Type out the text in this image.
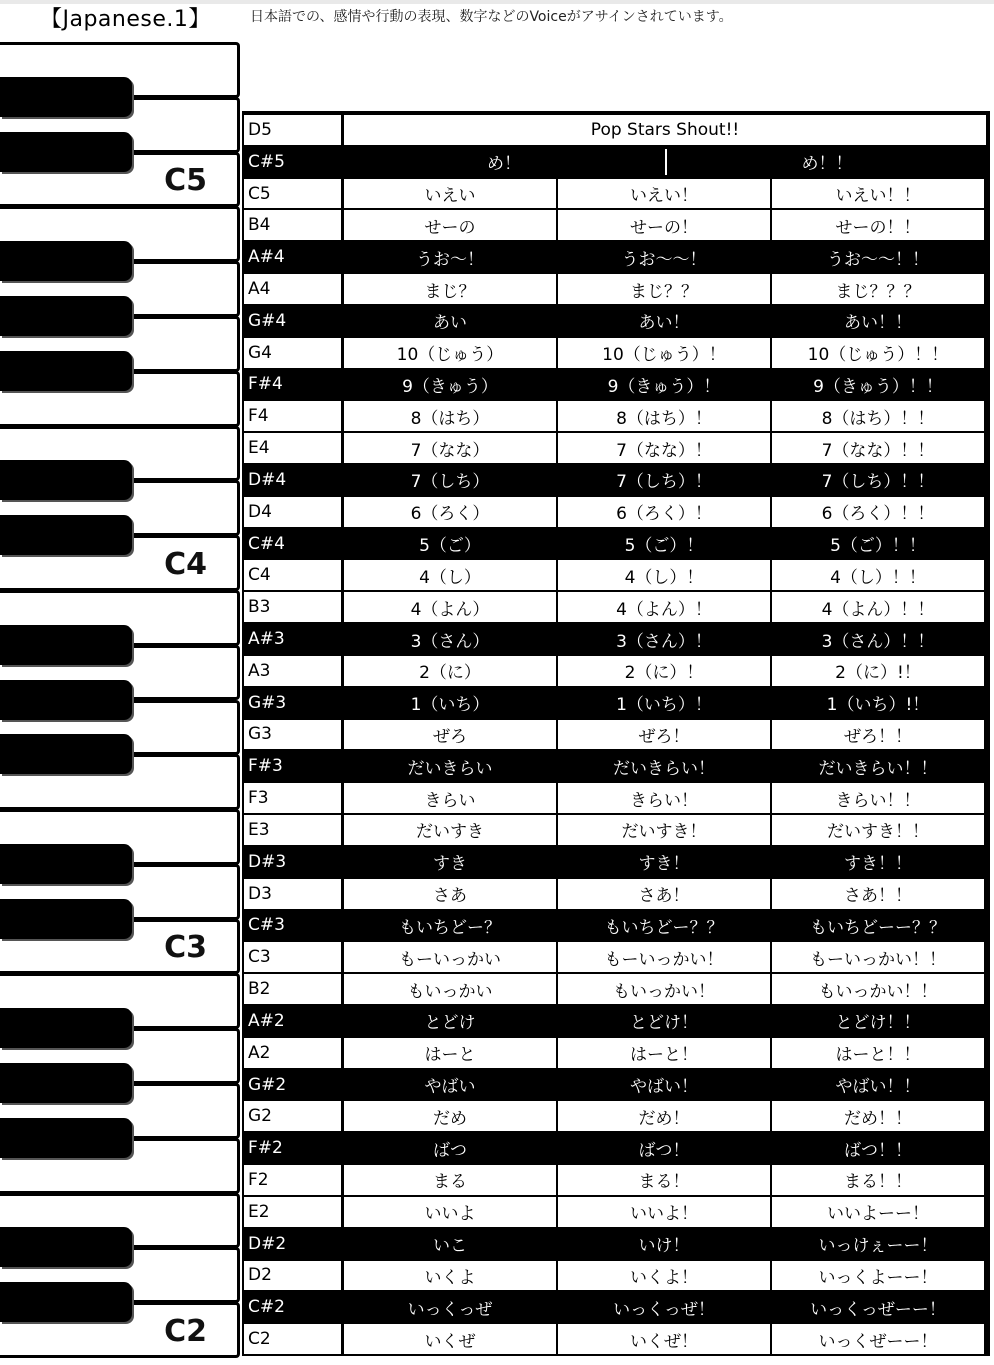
【Japanese.1】	日本語での、感情や行動の表現、数字などのVoiceがアサインされています。
C5
C4
C3
C2
D5	Pop Stars Shout!!
C#5	め！	め！！
C5	いえい	いえい！	いえい！！
B4	せーの	せーの！	せーの！！
A#4	うお〜！	うお〜〜！	うお〜〜！！
A4	まじ？	まじ？？	まじ？？？
G#4	あい	あい！	あい！！
G4	10（じゅう）	10（じゅう）！	10（じゅう）！！
F#4	9（きゅう）	9（きゅう）！	9（きゅう）！！
F4	8（はち）	8（はち）！	8（はち）！！
E4	7（なな）	7（なな）！	7（なな）！！
D#4	7（しち）	7（しち）！	7（しち）！！
D4	6（ろく）	6（ろく）！	6（ろく）！！
C#4	5（ご）	5（ご）！	5（ご）！！
C4	4（し）	4（し）！	4（し）！！
B3	4（よん）	4（よん）！	4（よん）！！
A#3	3（さん）	3（さん）！	3（さん）！！
A3	2（に）	2（に）！	2（に）!！
G#3	1（いち）	1（いち）！	1（いち）!！
G3	ぜろ	ぜろ！	ぜろ！！
F#3	だいきらい	だいきらい！	だいきらい！！
F3	きらい	きらい！	きらい！！
E3	だいすき	だいすき！	だいすき！！
D#3	すき	すき！	すき！！
D3	さあ	さあ！	さあ！！
C#3	もいちどー？	もいちどー？？	もいちどーー？？
C3	もーいっかい	もーいっかい！	もーいっかい！！
B2	もいっかい	もいっかい！	もいっかい！！
A#2	とどけ	とどけ！	とどけ！！
A2	はーと	はーと！	はーと！！
G#2	やばい	やばい！	やばい！！
G2	だめ	だめ！	だめ！！
F#2	ばつ	ばつ！	ばつ！！
F2	まる	まる！	まる！！
E2	いいよ	いいよ！	いいよーー！
D#2	いこ	いけ！	いっけぇーー！
D2	いくよ	いくよ！	いっくよーー！
C#2	いっくっぜ	いっくっぜ！	いっくっぜーー！
C2	いくぜ	いくぜ！	いっくぜーー！
